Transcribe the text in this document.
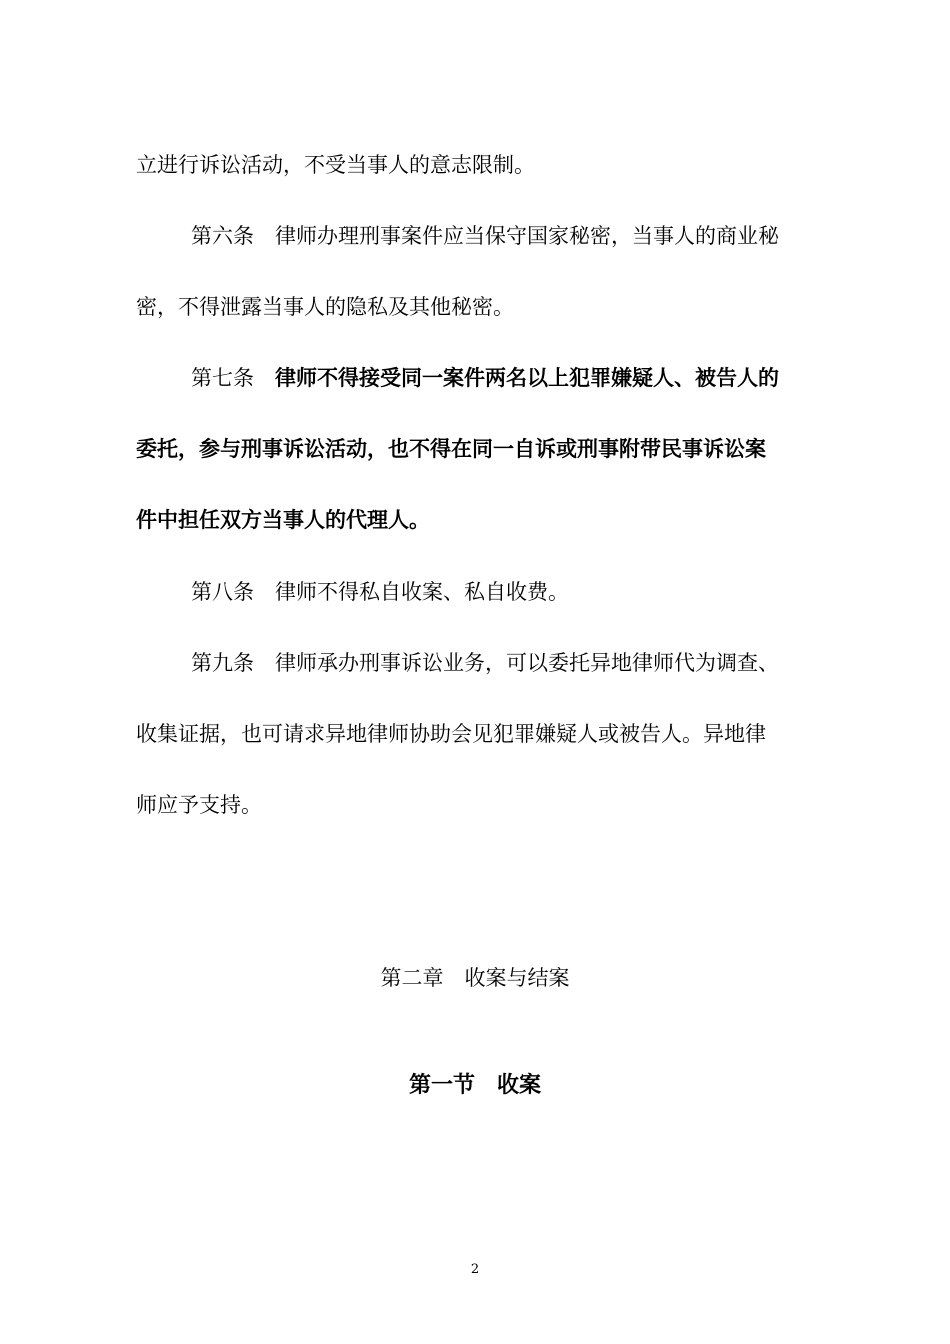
立进行诉讼活动，不受当事人的意志限制。
第六条 律师办理刑事案件应当保守国家秘密，当事人的商业秘
密，不得泄露当事人的隐私及其他秘密。
第七条 律师不得接受同一案件两名以上犯罪嫌疑人、被告人的
委托，参与刑事诉讼活动，也不得在同一自诉或刑事附带民事诉讼案
件中担任双方当事人的代理人。
第八条 律师不得私自收案、私自收费。
第九条 律师承办刑事诉讼业务，可以委托异地律师代为调查、
收集证据，也可请求异地律师协助会见犯罪嫌疑人或被告人。异地律
师应予支持。
第二章　收案与结案
第一节　收案
2
